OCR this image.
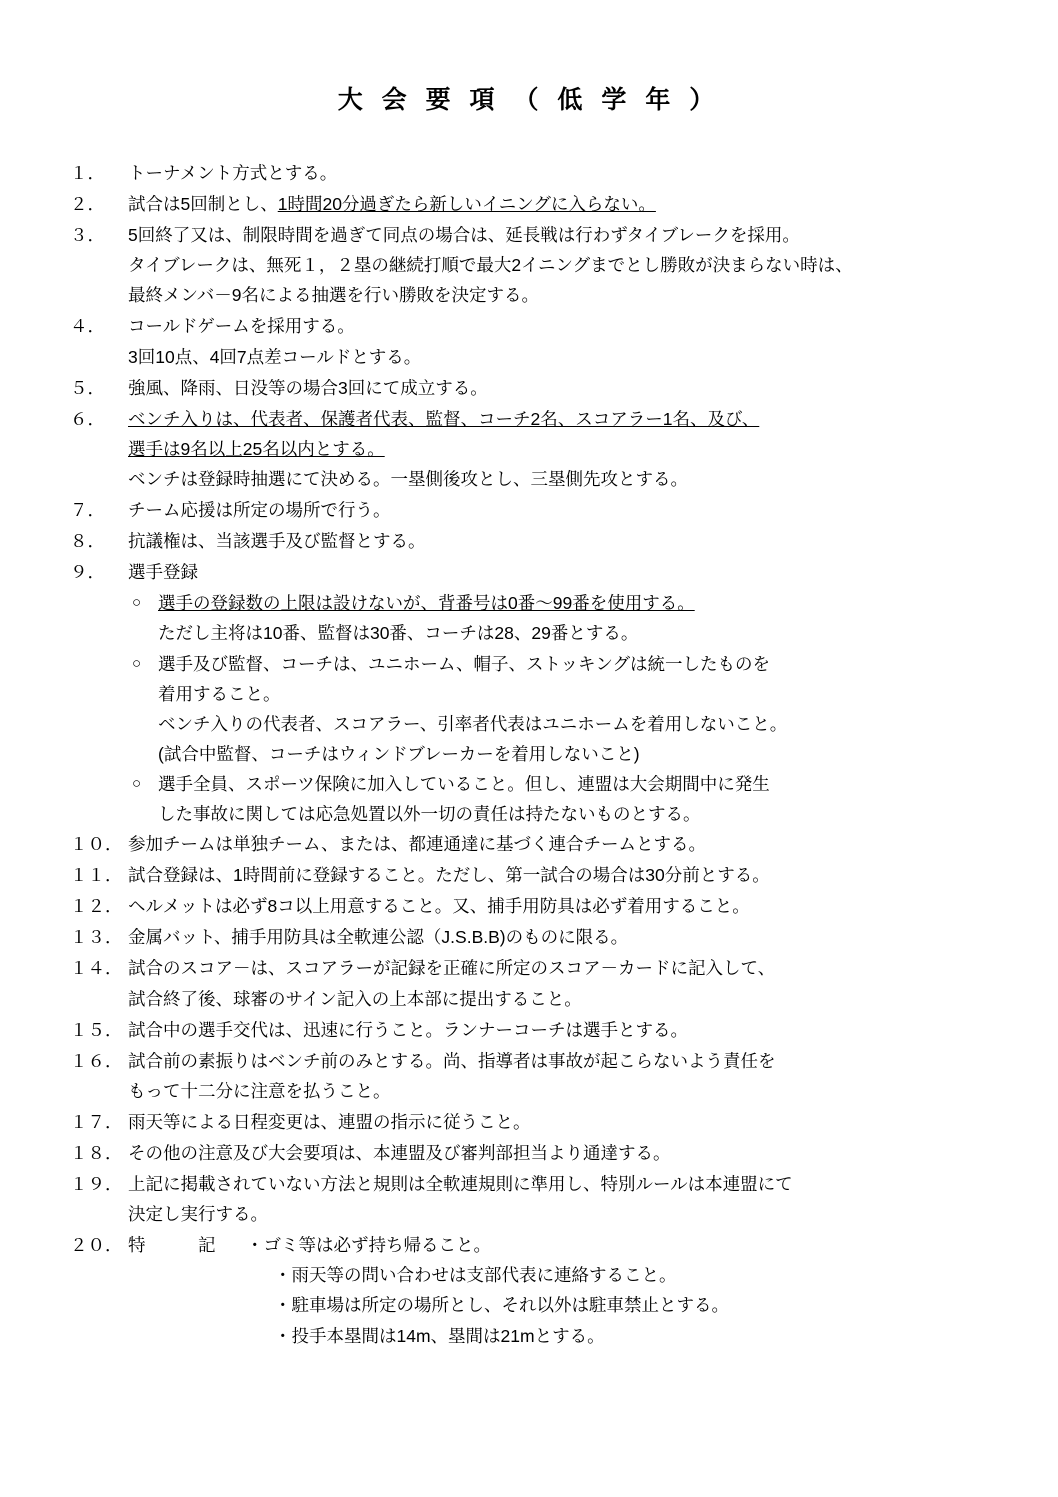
大 会 要 項 （ 低 学 年 ）
１．	トーナメント方式とする。
２．	試合は5回制とし、1時間20分過ぎたら新しいイニングに入らない。
３．	5回終了又は、制限時間を過ぎて同点の場合は、延長戦は行わずタイブレークを採用。
タイブレークは、無死１，２塁の継続打順で最大2イニングまでとし勝敗が決まらない時は、
最終メンバ－9名による抽選を行い勝敗を決定する。
４．	コールドゲームを採用する。
3回10点、4回7点差コールドとする。
５．	強風、降雨、日没等の場合3回にて成立する。
６．	ベンチ入りは、代表者、保護者代表、監督、コーチ2名、スコアラー1名、及び、
選手は9名以上25名以内とする。
ベンチは登録時抽選にて決める。一塁側後攻とし、三塁側先攻とする。
７．	チーム応援は所定の場所で行う。
８．	抗議権は、当該選手及び監督とする。
９．	選手登録
○ 選手の登録数の上限は設けないが、背番号は0番～99番を使用する。
ただし主将は10番、監督は30番、コーチは28、29番とする。
○ 選手及び監督、コーチは、ユニホーム、帽子、ストッキングは統一したものを
着用すること。
ベンチ入りの代表者、スコアラー、引率者代表はユニホームを着用しないこと。
(試合中監督、コーチはウィンドブレーカーを着用しないこと)
○ 選手全員、スポーツ保険に加入していること。但し、連盟は大会期間中に発生
した事故に関しては応急処置以外一切の責任は持たないものとする。
１０． 参加チームは単独チーム、または、都連通達に基づく連合チームとする。
１１． 試合登録は、1時間前に登録すること。ただし、第一試合の場合は30分前とする。
１２． ヘルメットは必ず8コ以上用意すること。又、捕手用防具は必ず着用すること。
１３． 金属バット、捕手用防具は全軟連公認（J.S.B.B)のものに限る。
１４． 試合のスコア－は、スコアラーが記録を正確に所定のスコア－カードに記入して、
試合終了後、球審のサイン記入の上本部に提出すること。
１５． 試合中の選手交代は、迅速に行うこと。ランナーコーチは選手とする。
１６． 試合前の素振りはベンチ前のみとする。尚、指導者は事故が起こらないよう責任を
もって十二分に注意を払うこと。
１７． 雨天等による日程変更は、連盟の指示に従うこと。
１８． その他の注意及び大会要項は、本連盟及び審判部担当より通達する。
１９． 上記に掲載されていない方法と規則は全軟連規則に準用し、特別ルールは本連盟にて
決定し実行する。
２０． 特　　　記	・ゴミ等は必ず持ち帰ること。
・雨天等の問い合わせは支部代表に連絡すること。
・駐車場は所定の場所とし、それ以外は駐車禁止とする。
・投手本塁間は14m、塁間は21mとする。
